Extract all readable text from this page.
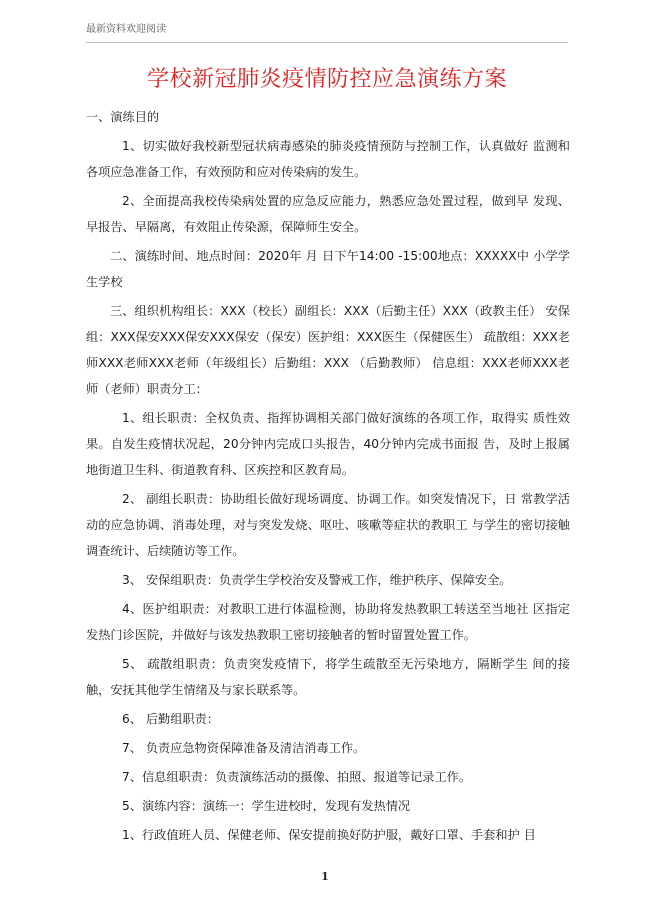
最新资料欢迎阅读
学校新冠肺炎疫情防控应急演练方案

一、演练目的

1、切实做好我校新型冠状病毒感染的肺炎疫情预防与控制工作，认真做好 监测和各项应急准备工作，有效预防和应对传染病的发生。

2、全面提高我校传染病处置的应急反应能力，熟悉应急处置过程，做到早 发现、早报告、早隔离，有效阻止传染源，保障师生安全。

二、演练时间、地点时间：2020年 月 日下午14:00 -15:00地点：XXXXX中 小学学生学校

三、组织机构组长：XXX（校长）副组长：XXX（后勤主任）XXX（政教主任） 安保组：XXX保安XXX保安XXX保安（保安）医护组：XXX医生（保健医生） 疏散组：XXX老师XXX老师XXX老师（年级组长）后勤组：XXX （后勤教师） 信息组：XXX老师XXX老师（老师）职责分工：

1、组长职责：全权负责、指挥协调相关部门做好演练的各项工作，取得实 质性效果。自发生疫情状况起，20分钟内完成口头报告，40分钟内完成书面报 告，及时上报属地街道卫生科、街道教育科、区疾控和区教育局。

2、 副组长职责：协助组长做好现场调度、协调工作。如突发情况下，日 常教学活动的应急协调、消毒处理，对与突发发烧、呕吐、咳嗽等症状的教职工 与学生的密切接触调查统计、后续随访等工作。

3、 安保组职责：负责学生学校治安及警戒工作，维护秩序、保障安全。

4、医护组职责：对教职工进行体温检测，协助将发热教职工转送至当地社 区指定发热门诊医院，并做好与该发热教职工密切接触者的暂时留置处置工作。

5、 疏散组职责：负责突发疫情下，将学生疏散至无污染地方，隔断学生 间的接触，安抚其他学生情绪及与家长联系等。

6、 后勤组职责：

7、 负责应急物资保障准备及清洁消毒工作。

7、信息组职责：负责演练活动的摄像、拍照、报道等记录工作。

5、演练内容：演练一：学生进校时，发现有发热情况

1、行政值班人员、保健老师、保安提前换好防护服，戴好口罩、手套和护 目

1
